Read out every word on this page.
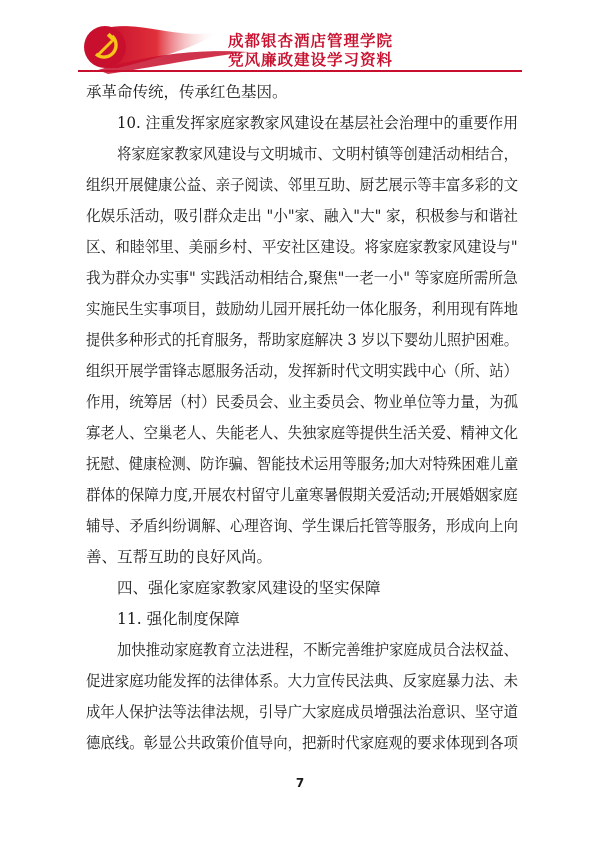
成都银杏酒店管理学院
党风廉政建设学习资料
承革命传统，传承红色基因。
10. 注重发挥家庭家教家风建设在基层社会治理中的重要作用
将家庭家教家风建设与文明城市、文明村镇等创建活动相结合，
组织开展健康公益、亲子阅读、邻里互助、厨艺展示等丰富多彩的文
化娱乐活动，吸引群众走出 "小"家、融入"大" 家，积极参与和谐社
区、和睦邻里、美丽乡村、平安社区建设。将家庭家教家风建设与"
我为群众办实事" 实践活动相结合,聚焦"一老一小" 等家庭所需所急
实施民生实事项目，鼓励幼儿园开展托幼一体化服务，利用现有阵地
提供多种形式的托育服务，帮助家庭解决 3 岁以下婴幼儿照护困难。
组织开展学雷锋志愿服务活动，发挥新时代文明实践中心（所、站）
作用，统筹居（村）民委员会、业主委员会、物业单位等力量，为孤
寡老人、空巢老人、失能老人、失独家庭等提供生活关爱、精神文化
抚慰、健康检测、防诈骗、智能技术运用等服务;加大对特殊困难儿童
群体的保障力度,开展农村留守儿童寒暑假期关爱活动;开展婚姻家庭
辅导、矛盾纠纷调解、心理咨询、学生课后托管等服务，形成向上向
善、互帮互助的良好风尚。
四、强化家庭家教家风建设的坚实保障
11. 强化制度保障
加快推动家庭教育立法进程，不断完善维护家庭成员合法权益、
促进家庭功能发挥的法律体系。大力宣传民法典、反家庭暴力法、未
成年人保护法等法律法规，引导广大家庭成员增强法治意识、坚守道
德底线。彰显公共政策价值导向，把新时代家庭观的要求体现到各项
7
